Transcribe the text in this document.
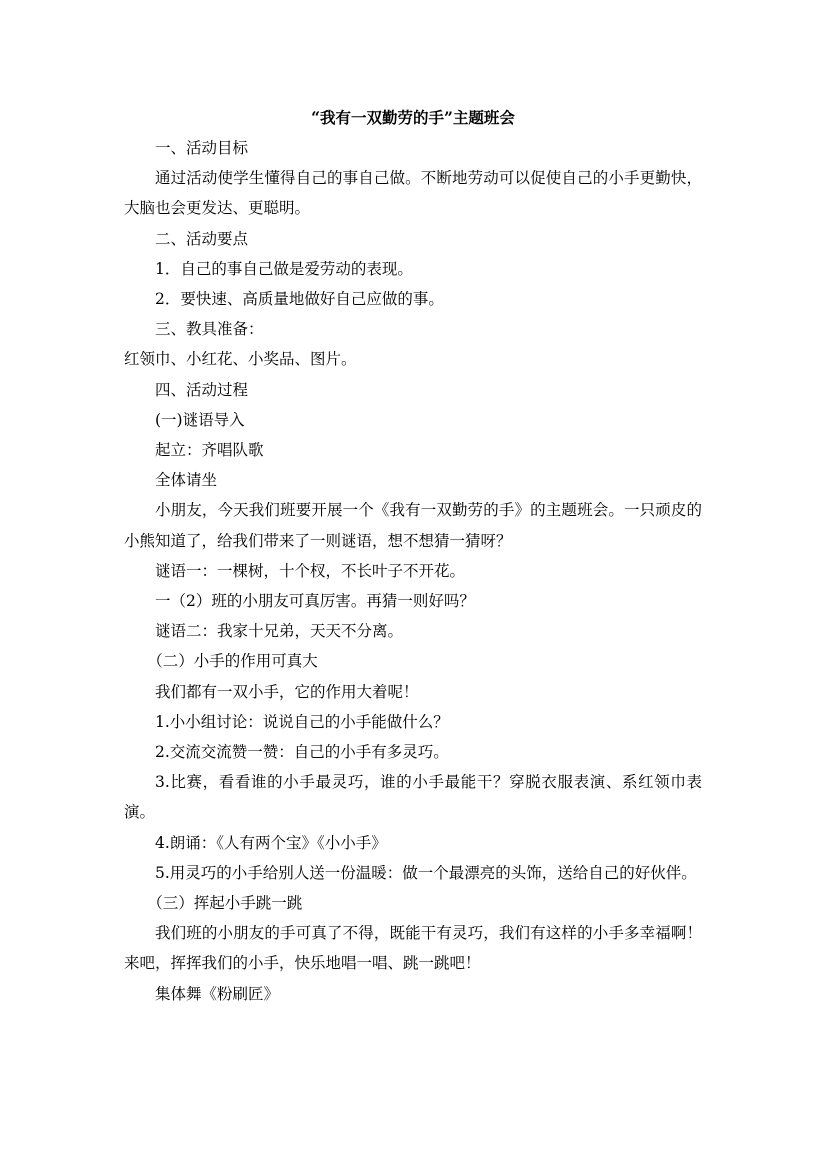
“我有一双勤劳的手”主题班会

一、活动目标

通过活动使学生懂得自己的事自己做。不断地劳动可以促使自己的小手更勤快，大脑也会更发达、更聪明。

二、活动要点

1．自己的事自己做是爱劳动的表现。

2．要快速、高质量地做好自己应做的事。

三、教具准备：

红领巾、小红花、小奖品、图片。

四、活动过程

(一)谜语导入

起立：齐唱队歌

全体请坐

小朋友，今天我们班要开展一个《我有一双勤劳的手》的主题班会。一只顽皮的小熊知道了，给我们带来了一则谜语，想不想猜一猜呀？

谜语一：一棵树，十个杈，不长叶子不开花。

一（2）班的小朋友可真厉害。再猜一则好吗？

谜语二：我家十兄弟，天天不分离。

（二）小手的作用可真大

我们都有一双小手，它的作用大着呢！

1.小小组讨论：说说自己的小手能做什么？

2.交流交流赞一赞：自己的小手有多灵巧。

3.比赛，看看谁的小手最灵巧，谁的小手最能干？穿脱衣服表演、系红领巾表演。

4.朗诵：《人有两个宝》《小小手》

5.用灵巧的小手给别人送一份温暖：做一个最漂亮的头饰，送给自己的好伙伴。

（三）挥起小手跳一跳

我们班的小朋友的手可真了不得，既能干有灵巧，我们有这样的小手多幸福啊！来吧，挥挥我们的小手，快乐地唱一唱、跳一跳吧！

集体舞《粉刷匠》
